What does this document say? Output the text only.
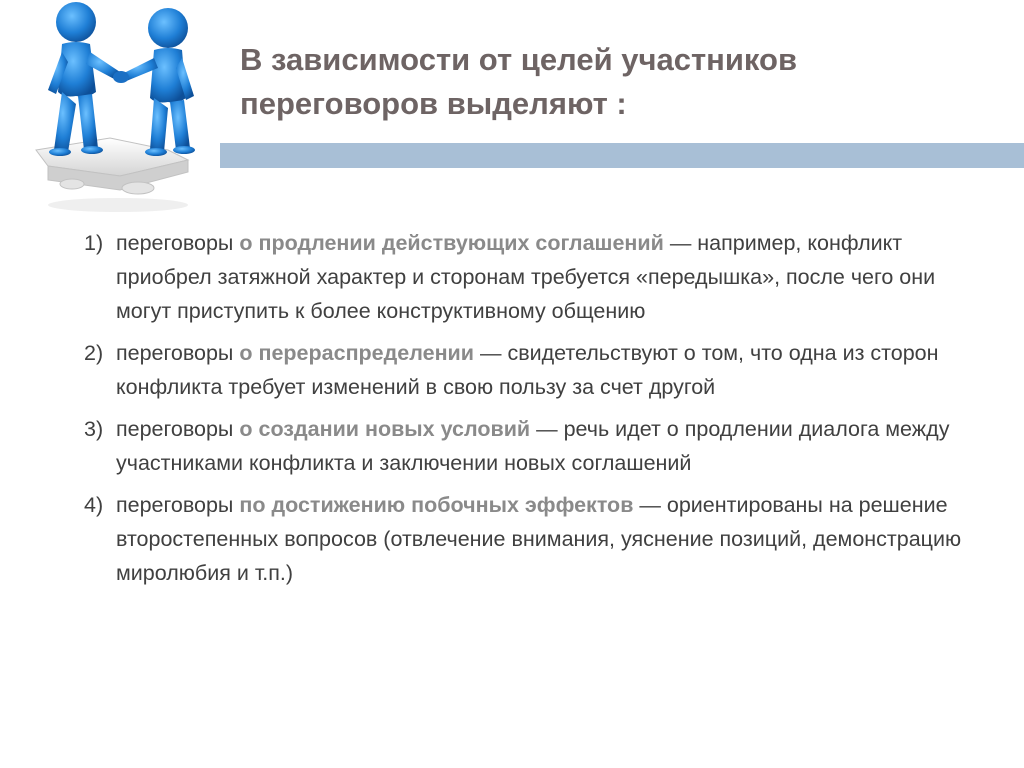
В зависимости от целей участников
переговоров выделяют :
1) переговоры о продлении действующих соглашений — например, конфликт приобрел затяжной характер и сторонам требуется «передышка», после чего они могут приступить к более конструктивному общению
2) переговоры о перераспределении — свидетельствуют о том, что одна из сторон конфликта требует изменений в свою пользу за счет другой
3) переговоры о создании новых условий — речь идет о продлении диалога между участниками конфликта и заключении новых соглашений
4) переговоры по достижению побочных эффектов — ориентированы на решение второстепенных вопросов (отвлечение внимания, уяснение позиций, демонстрацию миролюбия и т.п.)
